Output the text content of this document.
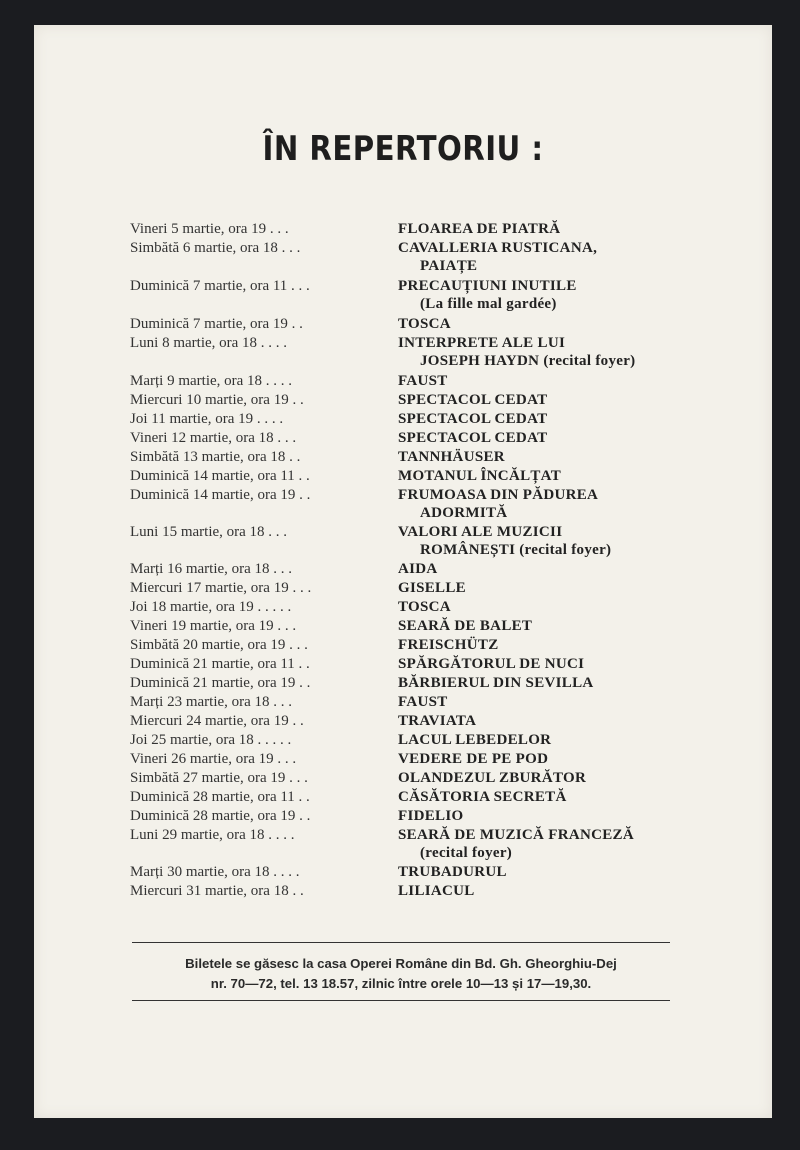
ÎN REPERTORIU :
Vineri 5 martie, ora 19 . . .	FLOAREA DE PIATRĂ
Simbătă 6 martie, ora 18 . . .	CAVALLERIA RUSTICANA,
PAIAȚE
Duminică 7 martie, ora 11 . . .	PRECAUȚIUNI INUTILE
(La fille mal gardée)
Duminică 7 martie, ora 19 . .	TOSCA
Luni 8 martie, ora 18 . . . .	INTERPRETE ALE LUI
JOSEPH HAYDN (recital foyer)
Marți 9 martie, ora 18 . . . .	FAUST
Miercuri 10 martie, ora 19 . .	SPECTACOL CEDAT
Joi 11 martie, ora 19 . . . .	SPECTACOL CEDAT
Vineri 12 martie, ora 18 . . .	SPECTACOL CEDAT
Simbătă 13 martie, ora 18 . .	TANNHÄUSER
Duminică 14 martie, ora 11 . .	MOTANUL ÎNCĂLȚAT
Duminică 14 martie, ora 19 . .	FRUMOASA DIN PĂDUREA
ADORMITĂ
Luni 15 martie, ora 18 . . .	VALORI ALE MUZICII
ROMÂNEȘTI (recital foyer)
Marți 16 martie, ora 18 . . .	AIDA
Miercuri 17 martie, ora 19 . . .	GISELLE
Joi 18 martie, ora 19 . . . . .	TOSCA
Vineri 19 martie, ora 19 . . .	SEARĂ DE BALET
Simbătă 20 martie, ora 19 . . .	FREISCHÜTZ
Duminică 21 martie, ora 11 . .	SPĂRGĂTORUL DE NUCI
Duminică 21 martie, ora 19 . .	BĂRBIERUL DIN SEVILLA
Marți 23 martie, ora 18 . . .	FAUST
Miercuri 24 martie, ora 19 . .	TRAVIATA
Joi 25 martie, ora 18 . . . . .	LACUL LEBEDELOR
Vineri 26 martie, ora 19 . . .	VEDERE DE PE POD
Simbătă 27 martie, ora 19 . . .	OLANDEZUL ZBURĂTOR
Duminică 28 martie, ora 11 . .	CĂSĂTORIA SECRETĂ
Duminică 28 martie, ora 19 . .	FIDELIO
Luni 29 martie, ora 18 . . . .	SEARĂ DE MUZICĂ FRANCEZĂ
(recital foyer)
Marți 30 martie, ora 18 . . . .	TRUBADURUL
Miercuri 31 martie, ora 18 . .	LILIACUL
Biletele se găsesc la casa Operei Române din Bd. Gh. Gheorghiu-Dej
nr. 70—72, tel. 13 18.57, zilnic între orele 10—13 și 17—19,30.
